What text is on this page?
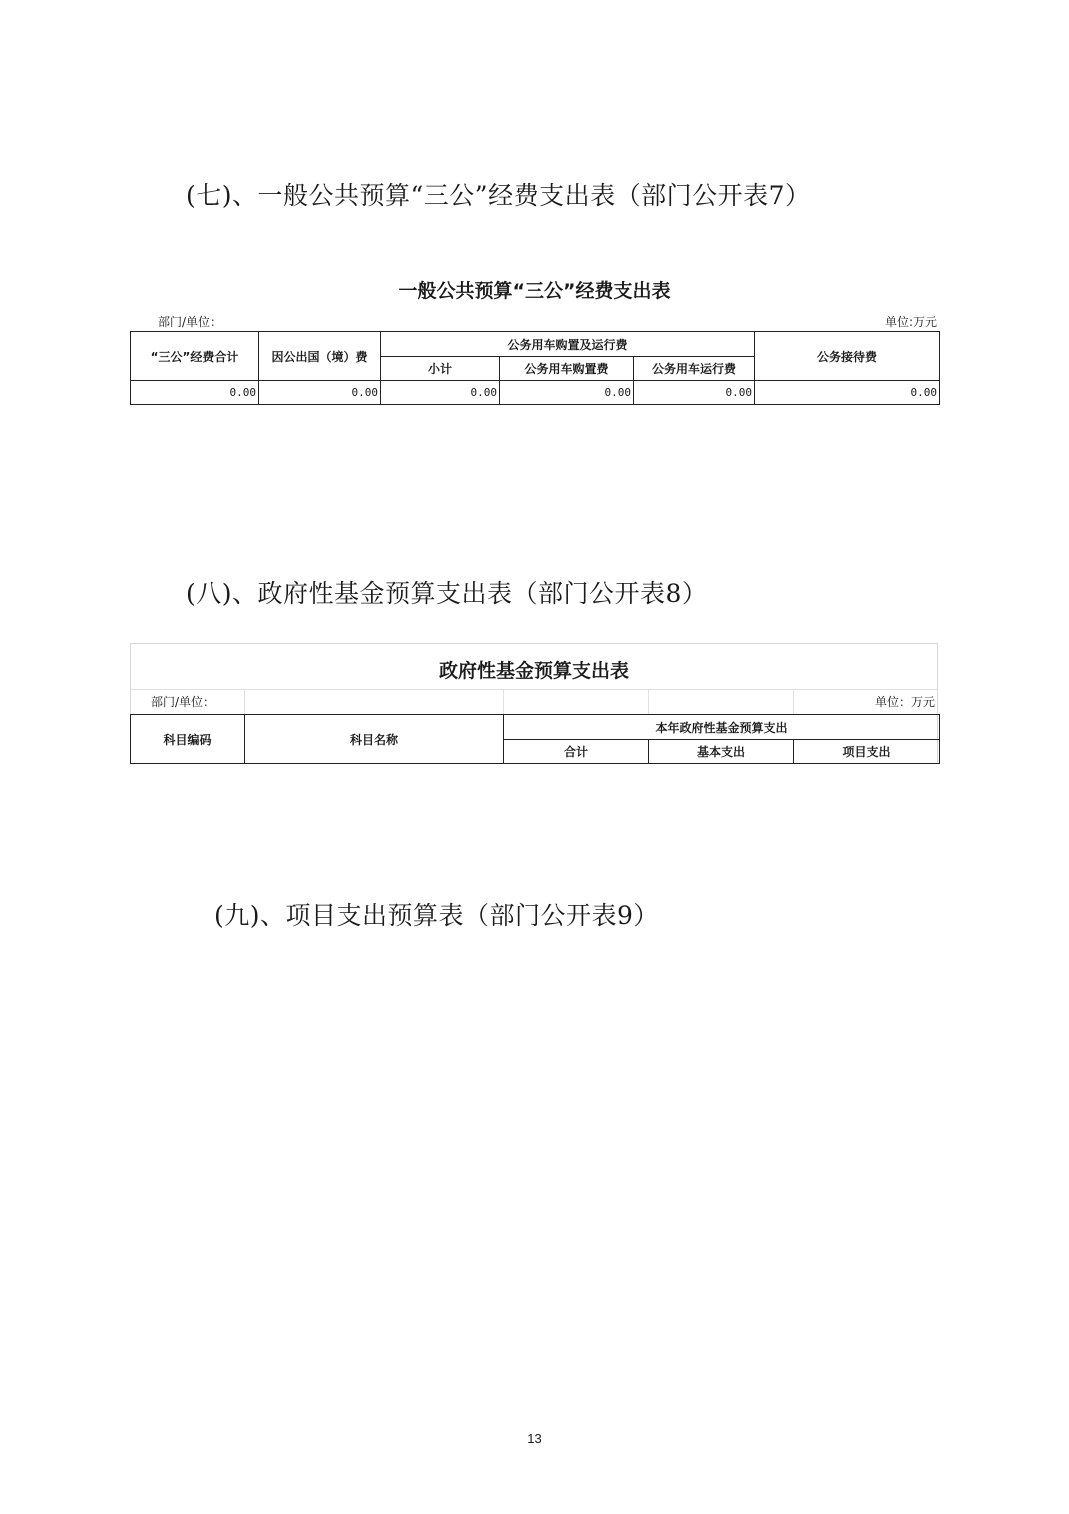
(七)、一般公共预算“三公”经费支出表（部门公开表7）
一般公共预算“三公”经费支出表
部门/单位：	单位:万元
“三公”经费合计	因公出国（境）费	公务用车购置及运行费			公务接待费
		小计	公务用车购置费	公务用车运行费	
0.00	0.00	0.00	0.00	0.00	0.00
(八)、政府性基金预算支出表（部门公开表8）
政府性基金预算支出表
部门/单位：	单位：万元
科目编码	科目名称	本年政府性基金预算支出		
		合计	基本支出	项目支出
(九)、项目支出预算表（部门公开表9）
13
